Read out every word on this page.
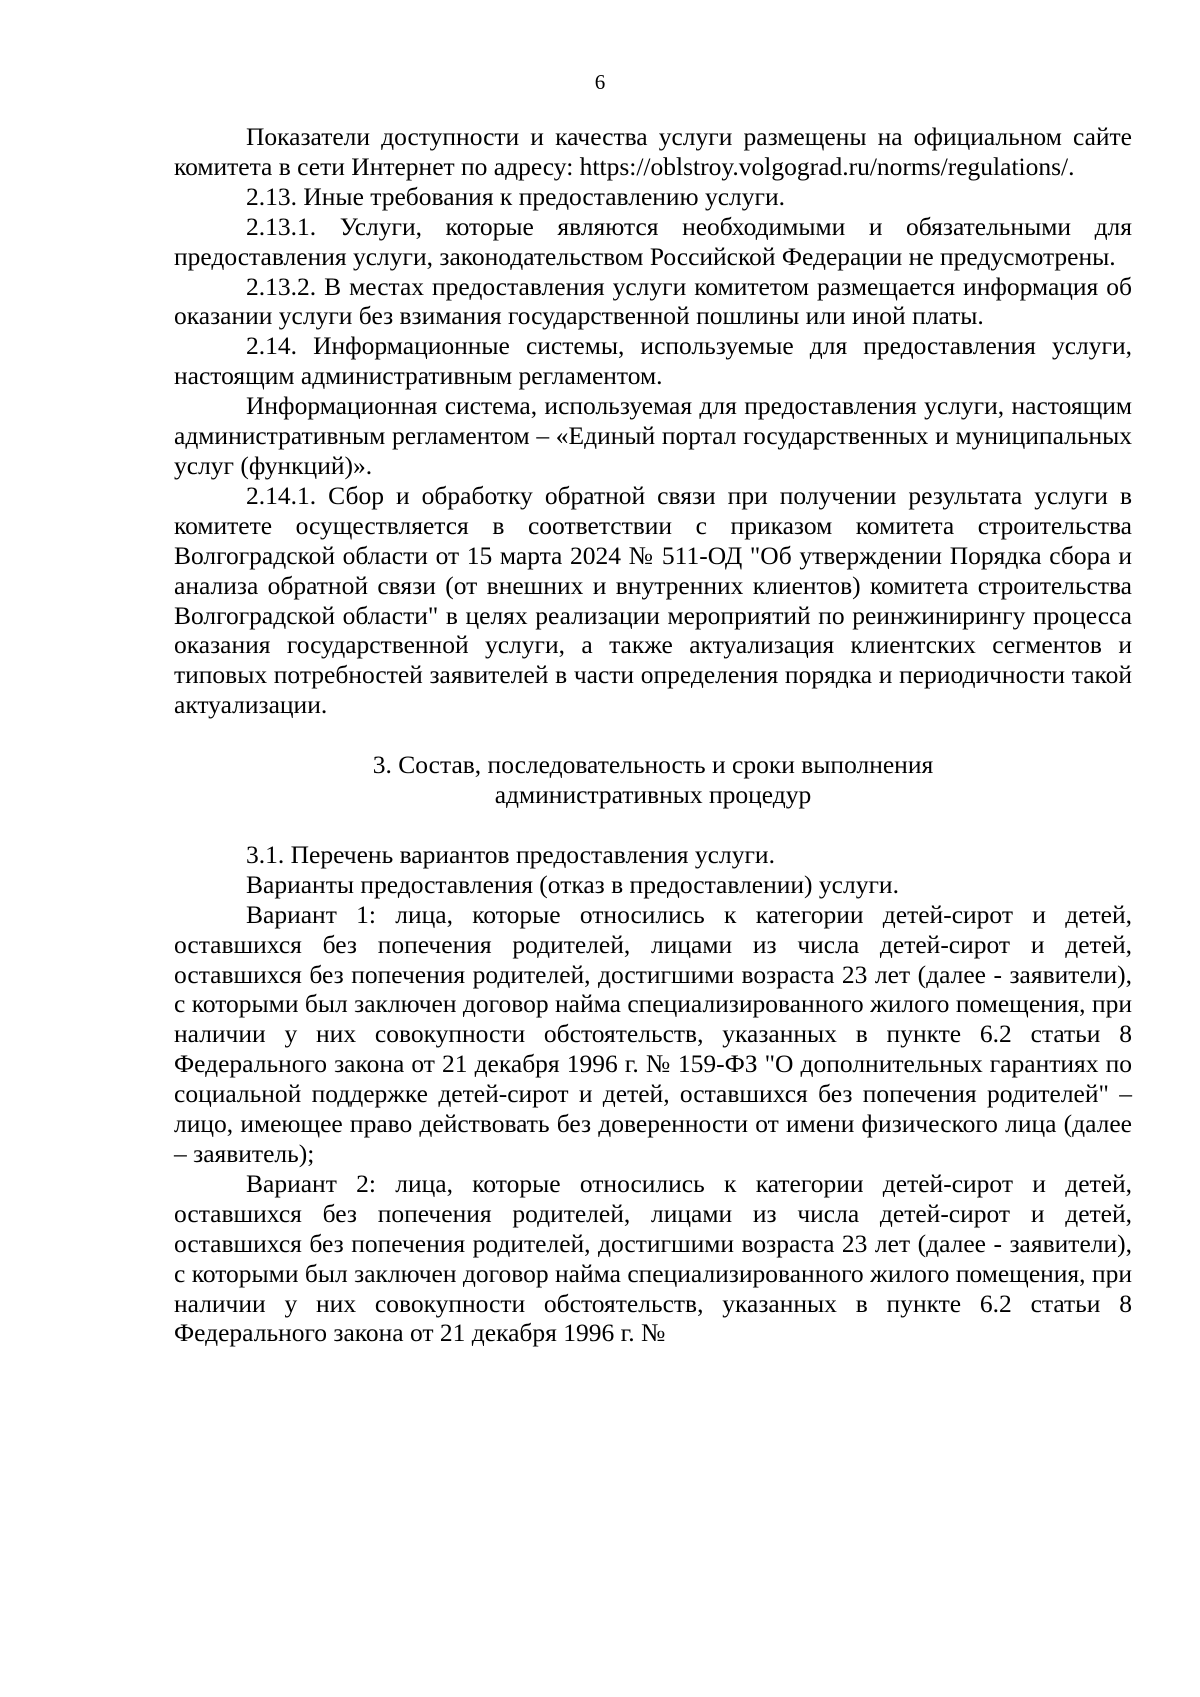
6

Показатели доступности и качества услуги размещены на официальном сайте комитета в сети Интернет по адресу: https://oblstroy.volgograd.ru/norms/regulations/.

2.13. Иные требования к предоставлению услуги.

2.13.1. Услуги, которые являются необходимыми и обязательными для предоставления услуги, законодательством Российской Федерации не предусмотрены.

2.13.2. В местах предоставления услуги комитетом размещается информация об оказании услуги без взимания государственной пошлины или иной платы.

2.14. Информационные системы, используемые для предоставления услуги, настоящим административным регламентом.

Информационная система, используемая для предоставления услуги, настоящим административным регламентом – «Единый портал государственных и муниципальных услуг (функций)».

2.14.1. Сбор и обработку обратной связи при получении результата услуги в комитете осуществляется в соответствии с приказом комитета строительства Волгоградской области от 15 марта 2024 № 511-ОД "Об утверждении Порядка сбора и анализа обратной связи (от внешних и внутренних клиентов) комитета строительства Волгоградской области" в целях реализации мероприятий по реинжинирингу процесса оказания государственной услуги, а также актуализация клиентских сегментов и типовых потребностей заявителей в части определения порядка и периодичности такой актуализации.

3. Состав, последовательность и сроки выполнения
административных процедур

3.1. Перечень вариантов предоставления услуги.

Варианты предоставления (отказ в предоставлении) услуги.

Вариант 1: лица, которые относились к категории детей-сирот и детей, оставшихся без попечения родителей, лицами из числа детей-сирот и детей, оставшихся без попечения родителей, достигшими возраста 23 лет (далее - заявители), с которыми был заключен договор найма специализированного жилого помещения, при наличии у них совокупности обстоятельств, указанных в пункте 6.2 статьи 8 Федерального закона от 21 декабря 1996 г. № 159-ФЗ "О дополнительных гарантиях по социальной поддержке детей-сирот и детей, оставшихся без попечения родителей" – лицо, имеющее право действовать без доверенности от имени физического лица (далее – заявитель);

Вариант 2: лица, которые относились к категории детей-сирот и детей, оставшихся без попечения родителей, лицами из числа детей-сирот и детей, оставшихся без попечения родителей, достигшими возраста 23 лет (далее - заявители), с которыми был заключен договор найма специализированного жилого помещения, при наличии у них совокупности обстоятельств, указанных в пункте 6.2 статьи 8 Федерального закона от 21 декабря 1996 г. №
